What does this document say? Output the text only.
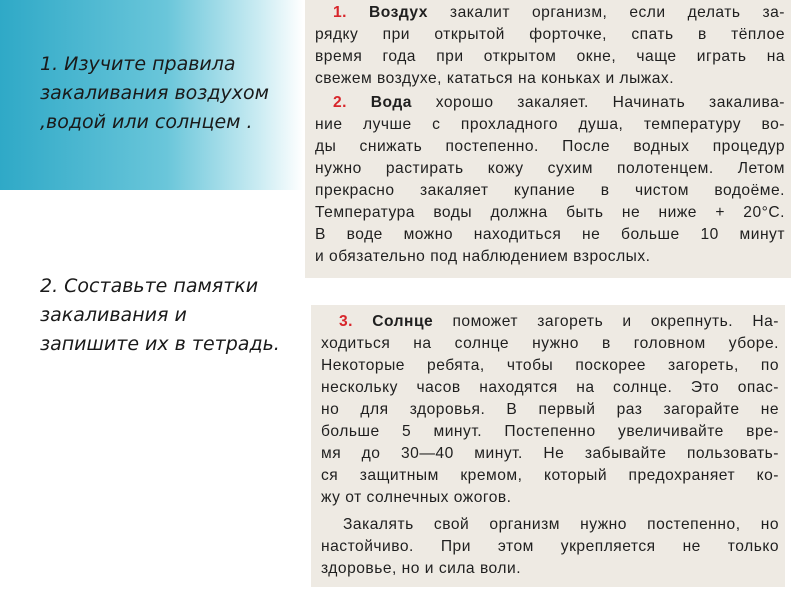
1. Изучите правила закаливания воздухом ,водой или солнцем .
2. Составьте памятки закаливания и запишите их в тетрадь.
1. Воздух закалит организм, если делать за-
рядку при открытой форточке, спать в тёплое
время года при открытом окне, чаще играть на
свежем воздухе, кататься на коньках и лыжах.
2. Вода хорошо закаляет. Начинать закалива-
ние лучше с прохладного душа, температуру во-
ды снижать постепенно. После водных процедур
нужно растирать кожу сухим полотенцем. Летом
прекрасно закаляет купание в чистом водоёме.
Температура воды должна быть не ниже + 20°С.
В воде можно находиться не больше 10 минут
и обязательно под наблюдением взрослых.
3. Солнце поможет загореть и окрепнуть. На-
ходиться на солнце нужно в головном уборе.
Некоторые ребята, чтобы поскорее загореть, по
нескольку часов находятся на солнце. Это опас-
но для здоровья. В первый раз загорайте не
больше 5 минут. Постепенно увеличивайте вре-
мя до 30—40 минут. Не забывайте пользовать-
ся защитным кремом, который предохраняет ко-
жу от солнечных ожогов.
Закалять свой организм нужно постепенно, но
настойчиво. При этом укрепляется не только
здоровье, но и сила воли.
